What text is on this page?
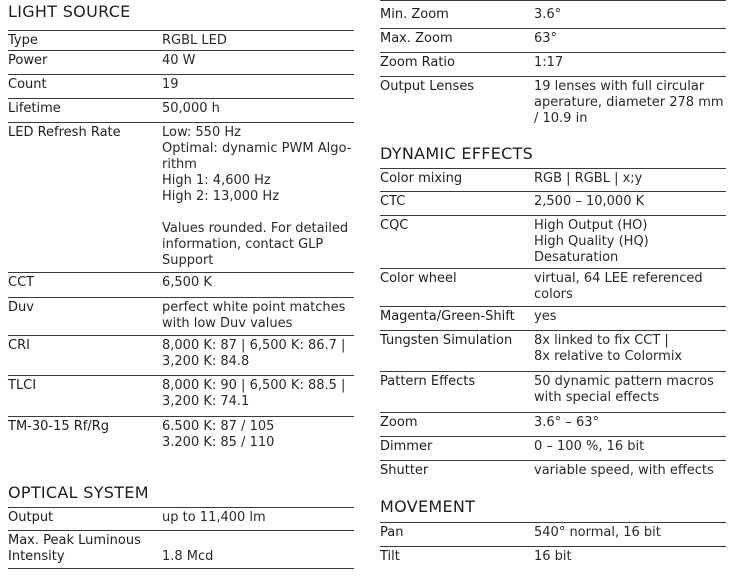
LIGHT SOURCE
Type	RGBL LED
Power	40 W
Count	19
Lifetime	50,000 h
LED Refresh Rate	Low: 550 Hz
Optimal: dynamic PWM Algo-
rithm
High 1: 4,600 Hz
High 2: 13,000 Hz

Values rounded. For detailed
information, contact GLP
Support
CCT	6,500 K
Duv	perfect white point matches
with low Duv values
CRI	8,000 K: 87 | 6,500 K: 86.7 |
3,200 K: 84.8
TLCI	8,000 K: 90 | 6,500 K: 88.5 |
3,200 K: 74.1
TM-30-15 Rf/Rg	6.500 K: 87 / 105
3.200 K: 85 / 110
OPTICAL SYSTEM
Output	up to 11,400 lm
Max. Peak Luminous
Intensity	1.8 Mcd
Min. Zoom	3.6°
Max. Zoom	63°
Zoom Ratio	1:17
Output Lenses	19 lenses with full circular
aperature, diameter 278 mm
/ 10.9 in
DYNAMIC EFFECTS
Color mixing	RGB | RGBL | x;y
CTC	2,500 – 10,000 K
CQC	High Output (HO)
High Quality (HQ)
Desaturation
Color wheel	virtual, 64 LEE referenced
colors
Magenta/Green-Shift	yes
Tungsten Simulation	8x linked to fix CCT |
8x relative to Colormix
Pattern Effects	50 dynamic pattern macros
with special effects
Zoom	3.6° – 63°
Dimmer	0 – 100 %, 16 bit
Shutter	variable speed, with effects
MOVEMENT
Pan	540° normal, 16 bit
Tilt	16 bit
